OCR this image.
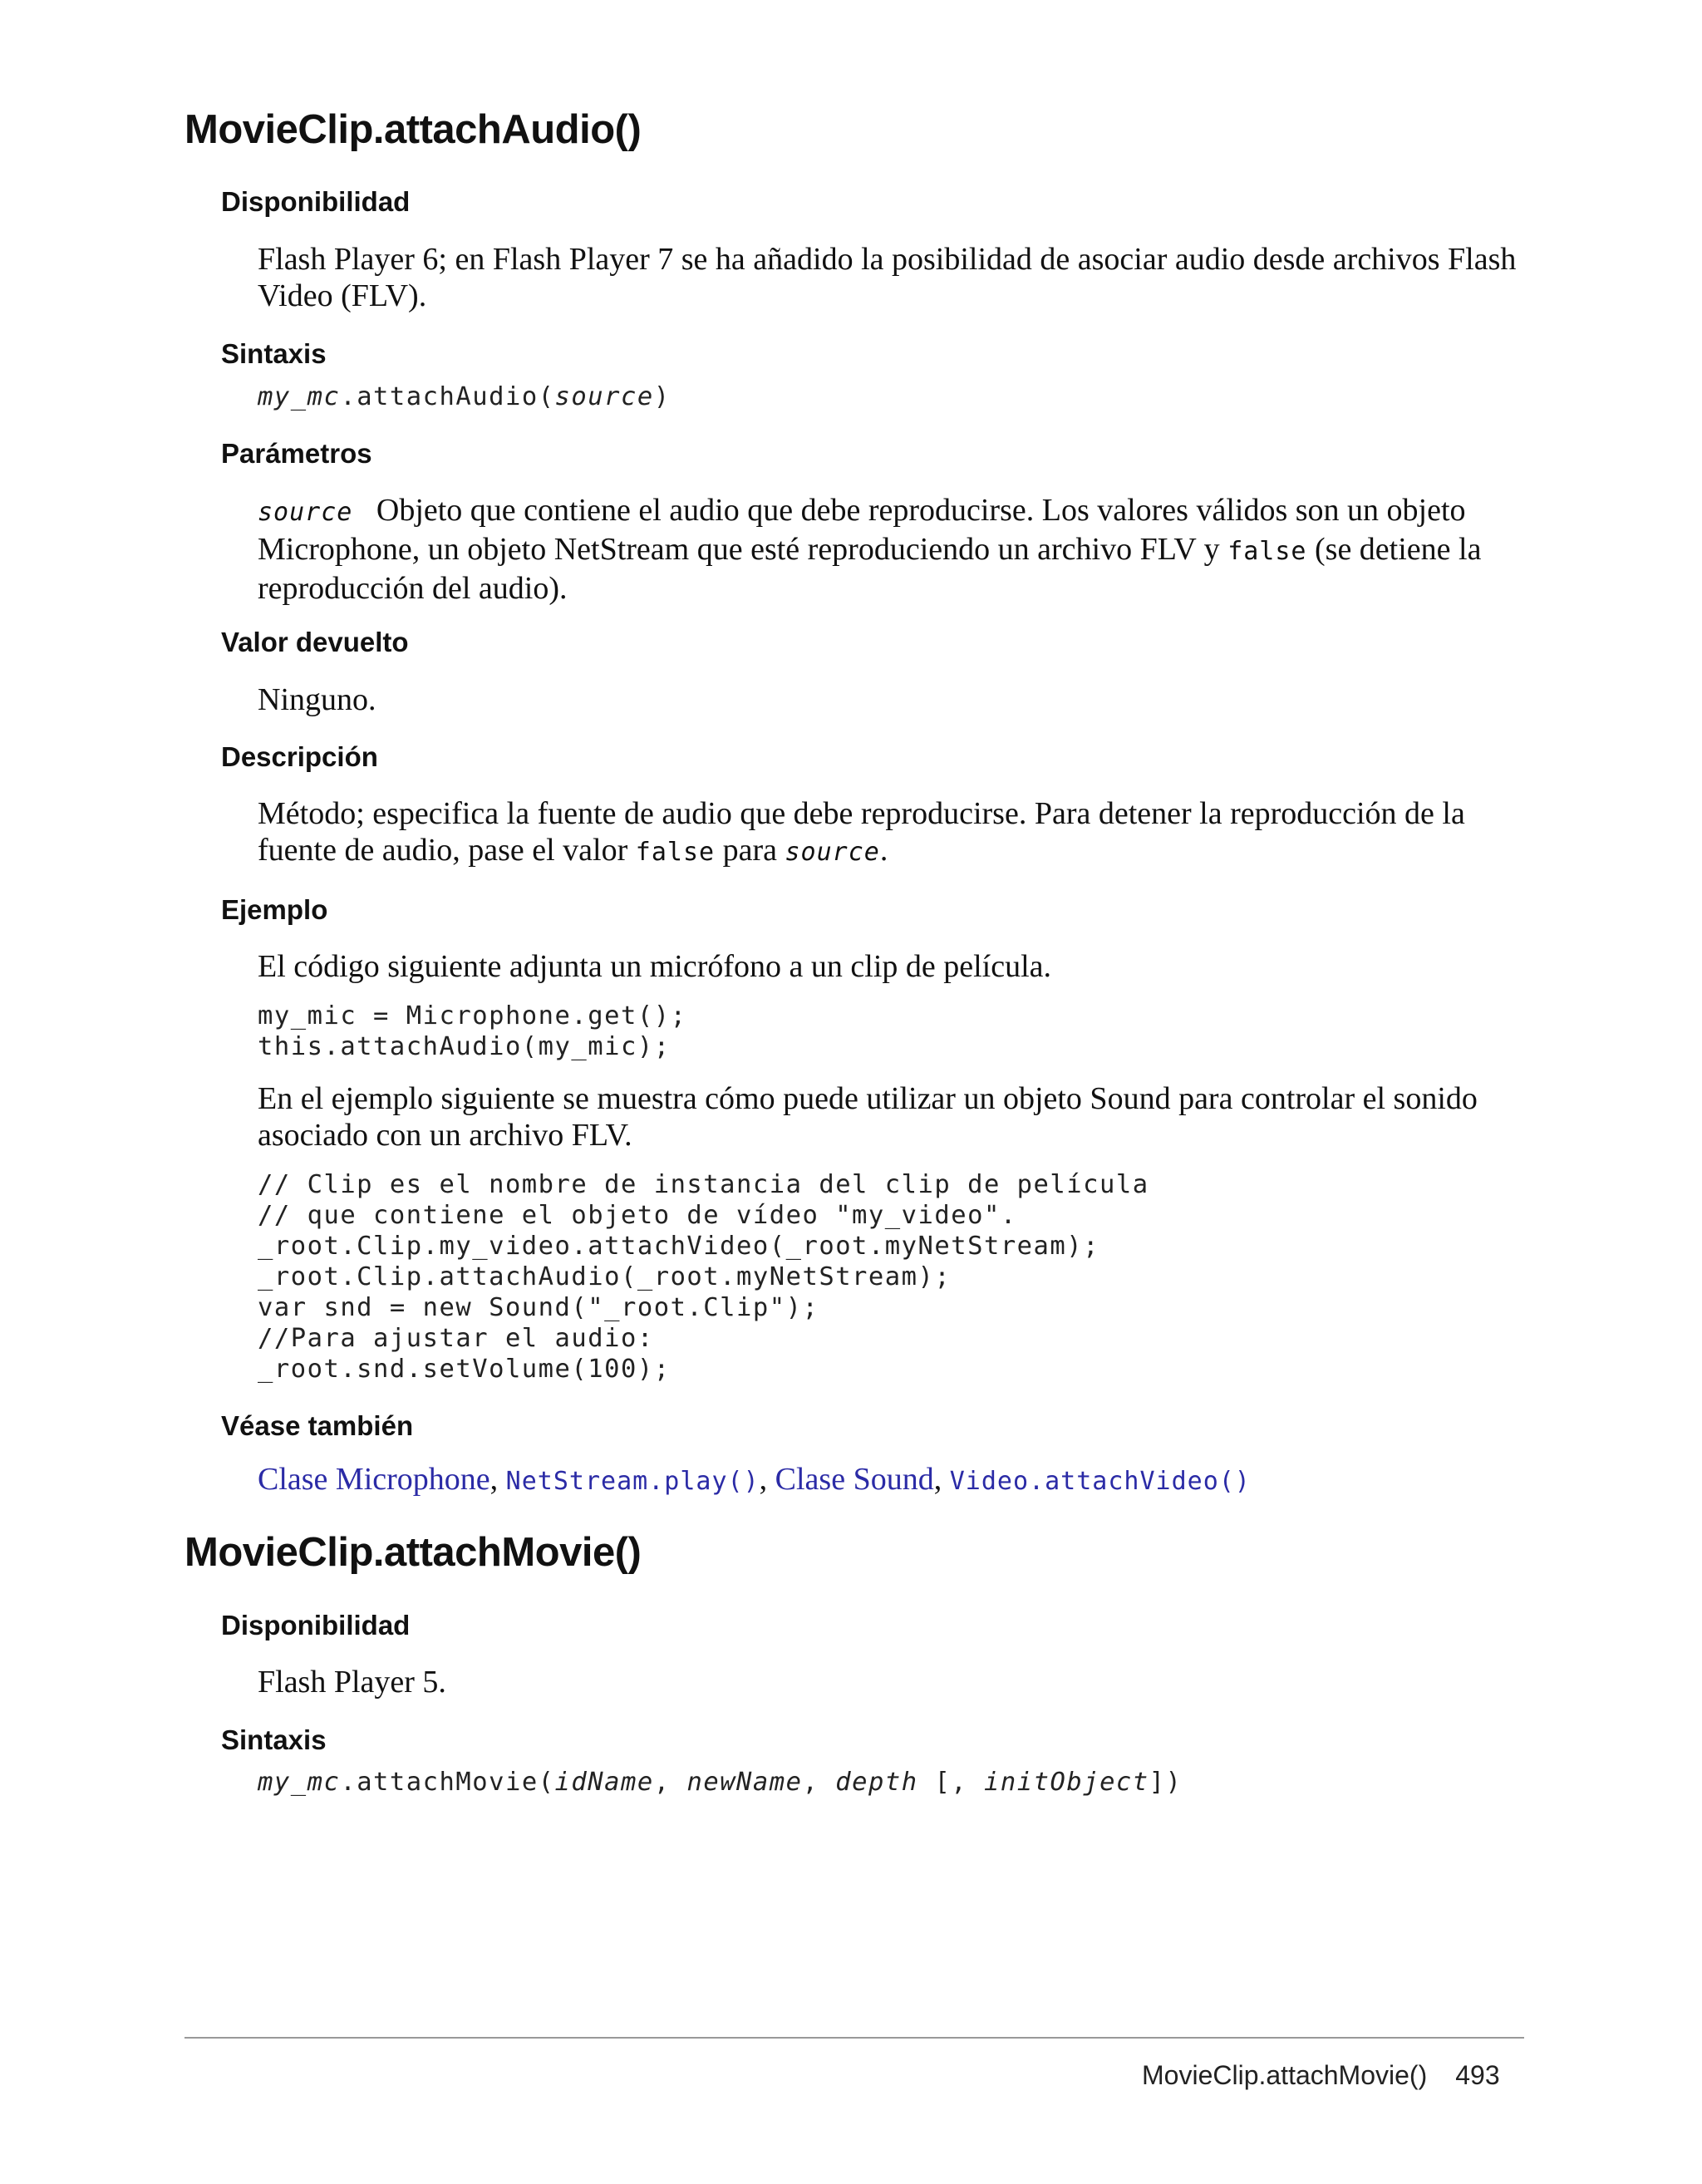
MovieClip.attachAudio()
Disponibilidad
Flash Player 6; en Flash Player 7 se ha añadido la posibilidad de asociar audio desde archivos Flash
Video (FLV).
Sintaxis
my_mc.attachAudio(source)
Parámetros
source Objeto que contiene el audio que debe reproducirse. Los valores válidos son un objeto
Microphone, un objeto NetStream que esté reproduciendo un archivo FLV y false (se detiene la
reproducción del audio).
Valor devuelto
Ninguno.
Descripción
Método; especifica la fuente de audio que debe reproducirse. Para detener la reproducción de la
fuente de audio, pase el valor false para source.
Ejemplo
El código siguiente adjunta un micrófono a un clip de película.
my_mic = Microphone.get();
this.attachAudio(my_mic);
En el ejemplo siguiente se muestra cómo puede utilizar un objeto Sound para controlar el sonido
asociado con un archivo FLV.
// Clip es el nombre de instancia del clip de película
// que contiene el objeto de vídeo "my_video".
_root.Clip.my_video.attachVideo(_root.myNetStream);
_root.Clip.attachAudio(_root.myNetStream);
var snd = new Sound("_root.Clip");
//Para ajustar el audio:
_root.snd.setVolume(100);
Véase también
Clase Microphone, NetStream.play(), Clase Sound, Video.attachVideo()
MovieClip.attachMovie()
Disponibilidad
Flash Player 5.
Sintaxis
my_mc.attachMovie(idName, newName, depth [, initObject])
MovieClip.attachMovie() 493
